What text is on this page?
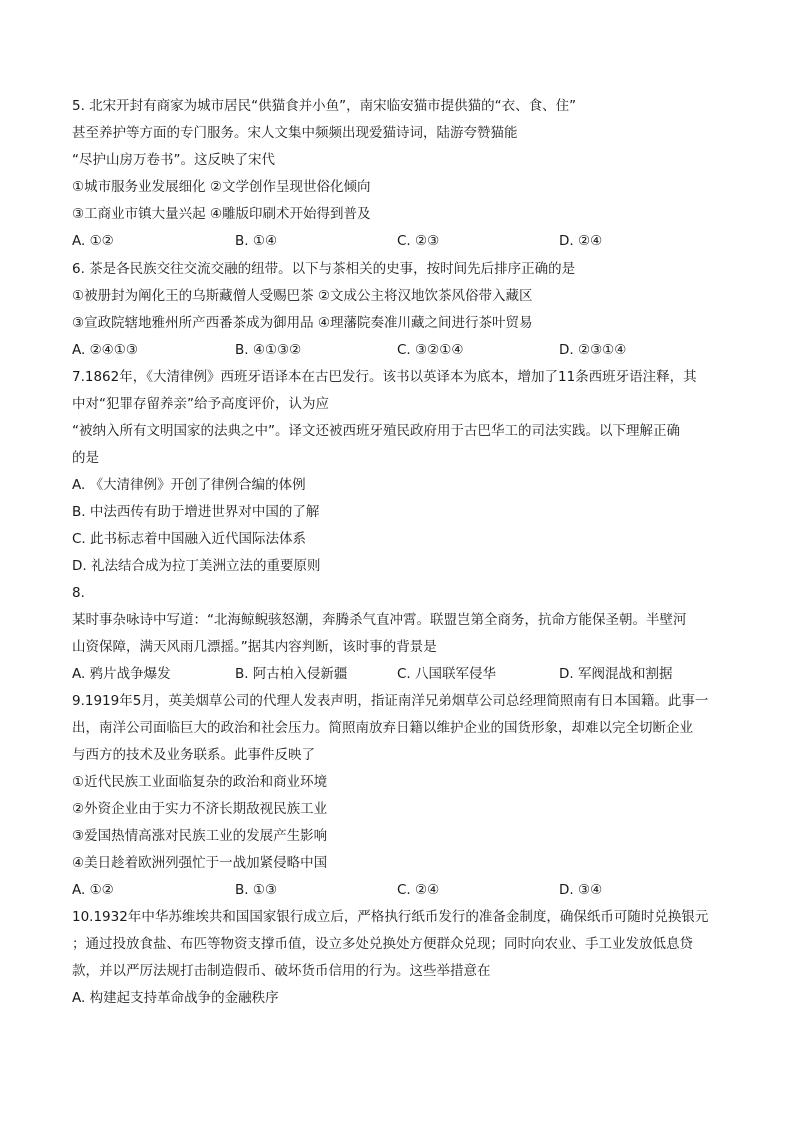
5. 北宋开封有商家为城市居民“供猫食并小鱼”，南宋临安猫市提供猫的“衣、食、住”
甚至养护等方面的专门服务。宋人文集中频频出现爱猫诗词，陆游夸赞猫能
“尽护山房万卷书”。这反映了宋代
①城市服务业发展细化 ②文学创作呈现世俗化倾向
③工商业市镇大量兴起 ④雕版印刷术开始得到普及
A. ①②	B. ①④	C. ②③	D. ②④
6. 茶是各民族交往交流交融的纽带。以下与茶相关的史事，按时间先后排序正确的是
①被册封为阐化王的乌斯藏僧人受赐巴茶 ②文成公主将汉地饮茶风俗带入藏区
③宣政院辖地雅州所产西番茶成为御用品 ④理藩院奏准川藏之间进行茶叶贸易
A. ②④①③	B. ④①③②	C. ③②①④	D. ②③①④
7.1862年，《大清律例》西班牙语译本在古巴发行。该书以英译本为底本，增加了11条西班牙语注释，其
中对“犯罪存留养亲”给予高度评价，认为应
“被纳入所有文明国家的法典之中”。译文还被西班牙殖民政府用于古巴华工的司法实践。以下理解正确
的是
A. 《大清律例》开创了律例合编的体例
B. 中法西传有助于增进世界对中国的了解
C. 此书标志着中国融入近代国际法体系
D. 礼法结合成为拉丁美洲立法的重要原则
8.
某时事杂咏诗中写道：“北海鲸鲵骇怒潮，奔腾杀气直冲霄。联盟岂第全商务，抗命方能保圣朝。半壁河
山资保障，满天风雨几漂摇。”据其内容判断，该时事的背景是
A. 鸦片战争爆发	B. 阿古柏入侵新疆	C. 八国联军侵华	D. 军阀混战和割据
9.1919年5月，英美烟草公司的代理人发表声明，指证南洋兄弟烟草公司总经理简照南有日本国籍。此事一
出，南洋公司面临巨大的政治和社会压力。简照南放弃日籍以维护企业的国货形象，却难以完全切断企业
与西方的技术及业务联系。此事件反映了
①近代民族工业面临复杂的政治和商业环境
②外资企业由于实力不济长期敌视民族工业
③爱国热情高涨对民族工业的发展产生影响
④美日趁着欧洲列强忙于一战加紧侵略中国
A. ①②	B. ①③	C. ②④	D. ③④
10.1932年中华苏维埃共和国国家银行成立后，严格执行纸币发行的准备金制度，确保纸币可随时兑换银元
；通过投放食盐、布匹等物资支撑币值，设立多处兑换处方便群众兑现；同时向农业、手工业发放低息贷
款，并以严厉法规打击制造假币、破坏货币信用的行为。这些举措意在
A. 构建起支持革命战争的金融秩序
